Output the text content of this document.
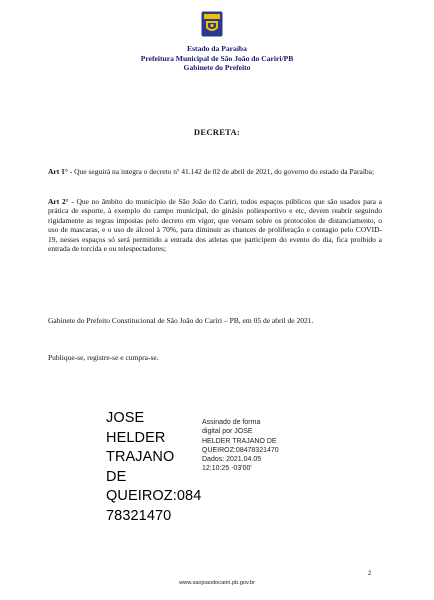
Estado da Paraíba
Prefeitura Municipal de São João do Cariri/PB
Gabinete do Prefeito
DECRETA:
Art 1° - Que seguirá na integra o decreto nº 41.142 de 02 de abril de 2021, do governo do estado da Paraíba;
Art 2° - Que no âmbito do município de São João do Cariri, todos espaços públicos que são usados para a prática de esporte, à exemplo do campo municipal, do ginásio poliesportivo e etc, devem reabrir seguindo rigidamente as regras impostas pelo decreto em vigor, que versam sobre os protocolos de distanciamento, o uso de mascaras, e o uso de álcool à 70%, para diminuir as chances de proliferação e contagio pelo COVID-19, nesses espaços só será permitido a entrada dos atletas que participem do evento do dia, fica proibido a entrada de torcida e ou telespectadores;
Gabinete do Prefeito Constitucional de São João do Cariri – PB, em 05 de abril de 2021.
Publique-se, registre-se e cumpra-se.
JOSE HELDER
TRAJANO DE
QUEIROZ:084
78321470
Assinado de forma
digital por JOSE
HELDER TRAJANO DE
QUEIROZ:08478321470
Dados: 2021.04.05
12:10:25 -03'00'
2
www.saojoaodocariri.pb.gov.br
